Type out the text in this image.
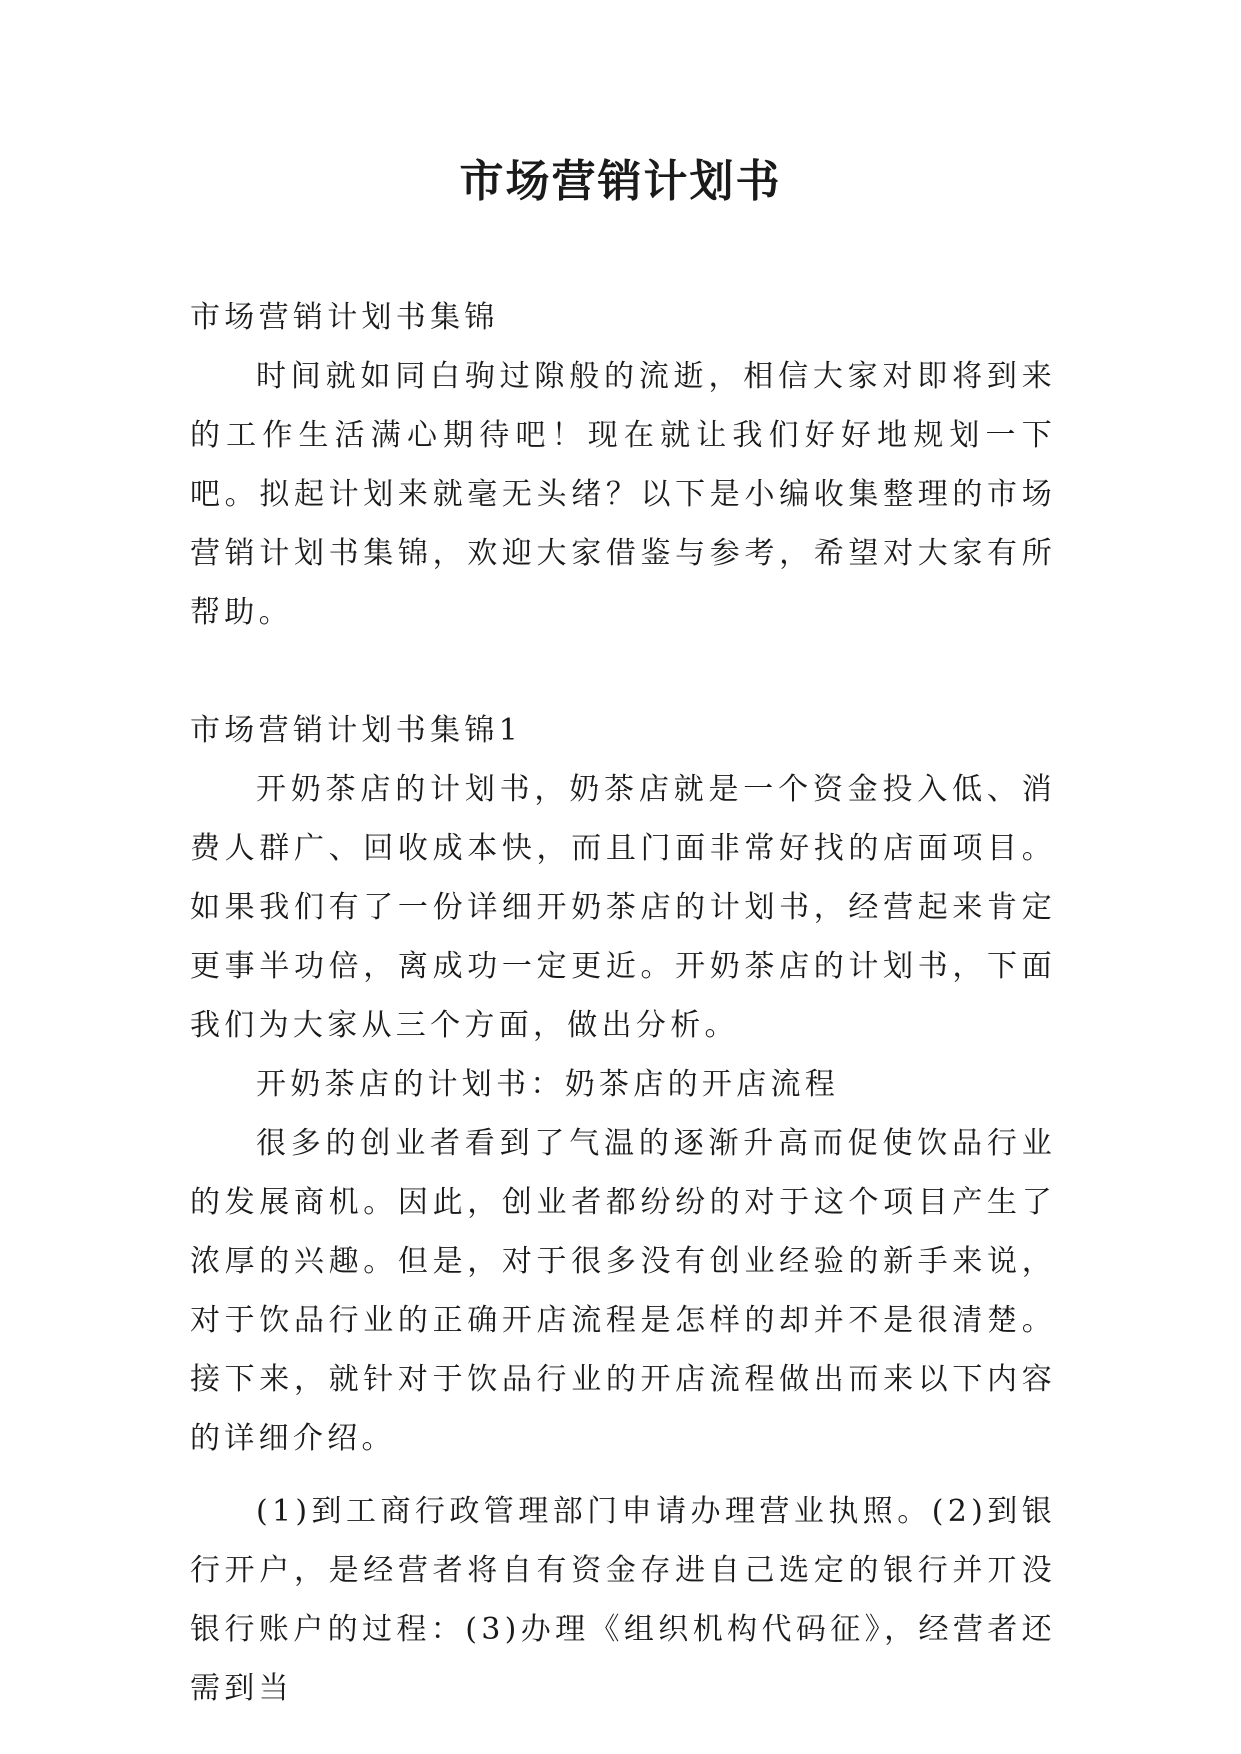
市场营销计划书

市场营销计划书集锦

时间就如同白驹过隙般的流逝，相信大家对即将到来的工作生活满心期待吧！现在就让我们好好地规划一下吧。拟起计划来就毫无头绪？以下是小编收集整理的市场营销计划书集锦，欢迎大家借鉴与参考，希望对大家有所帮助。

市场营销计划书集锦1

开奶茶店的计划书，奶茶店就是一个资金投入低、消费人群广、回收成本快，而且门面非常好找的店面项目。如果我们有了一份详细开奶茶店的计划书，经营起来肯定更事半功倍，离成功一定更近。开奶茶店的计划书，下面我们为大家从三个方面，做出分析。

开奶茶店的计划书：奶茶店的开店流程

很多的创业者看到了气温的逐渐升高而促使饮品行业的发展商机。因此，创业者都纷纷的对于这个项目产生了浓厚的兴趣。但是，对于很多没有创业经验的新手来说，对于饮品行业的正确开店流程是怎样的却并不是很清楚。接下来，就针对于饮品行业的开店流程做出而来以下内容的详细介绍。

(1)到工商行政管理部门申请办理营业执照。(2)到银行开户，是经营者将自有资金存进自己选定的银行并丌没银行账户的过程：(3)办理《组织机构代码征》，经营者还需到当
